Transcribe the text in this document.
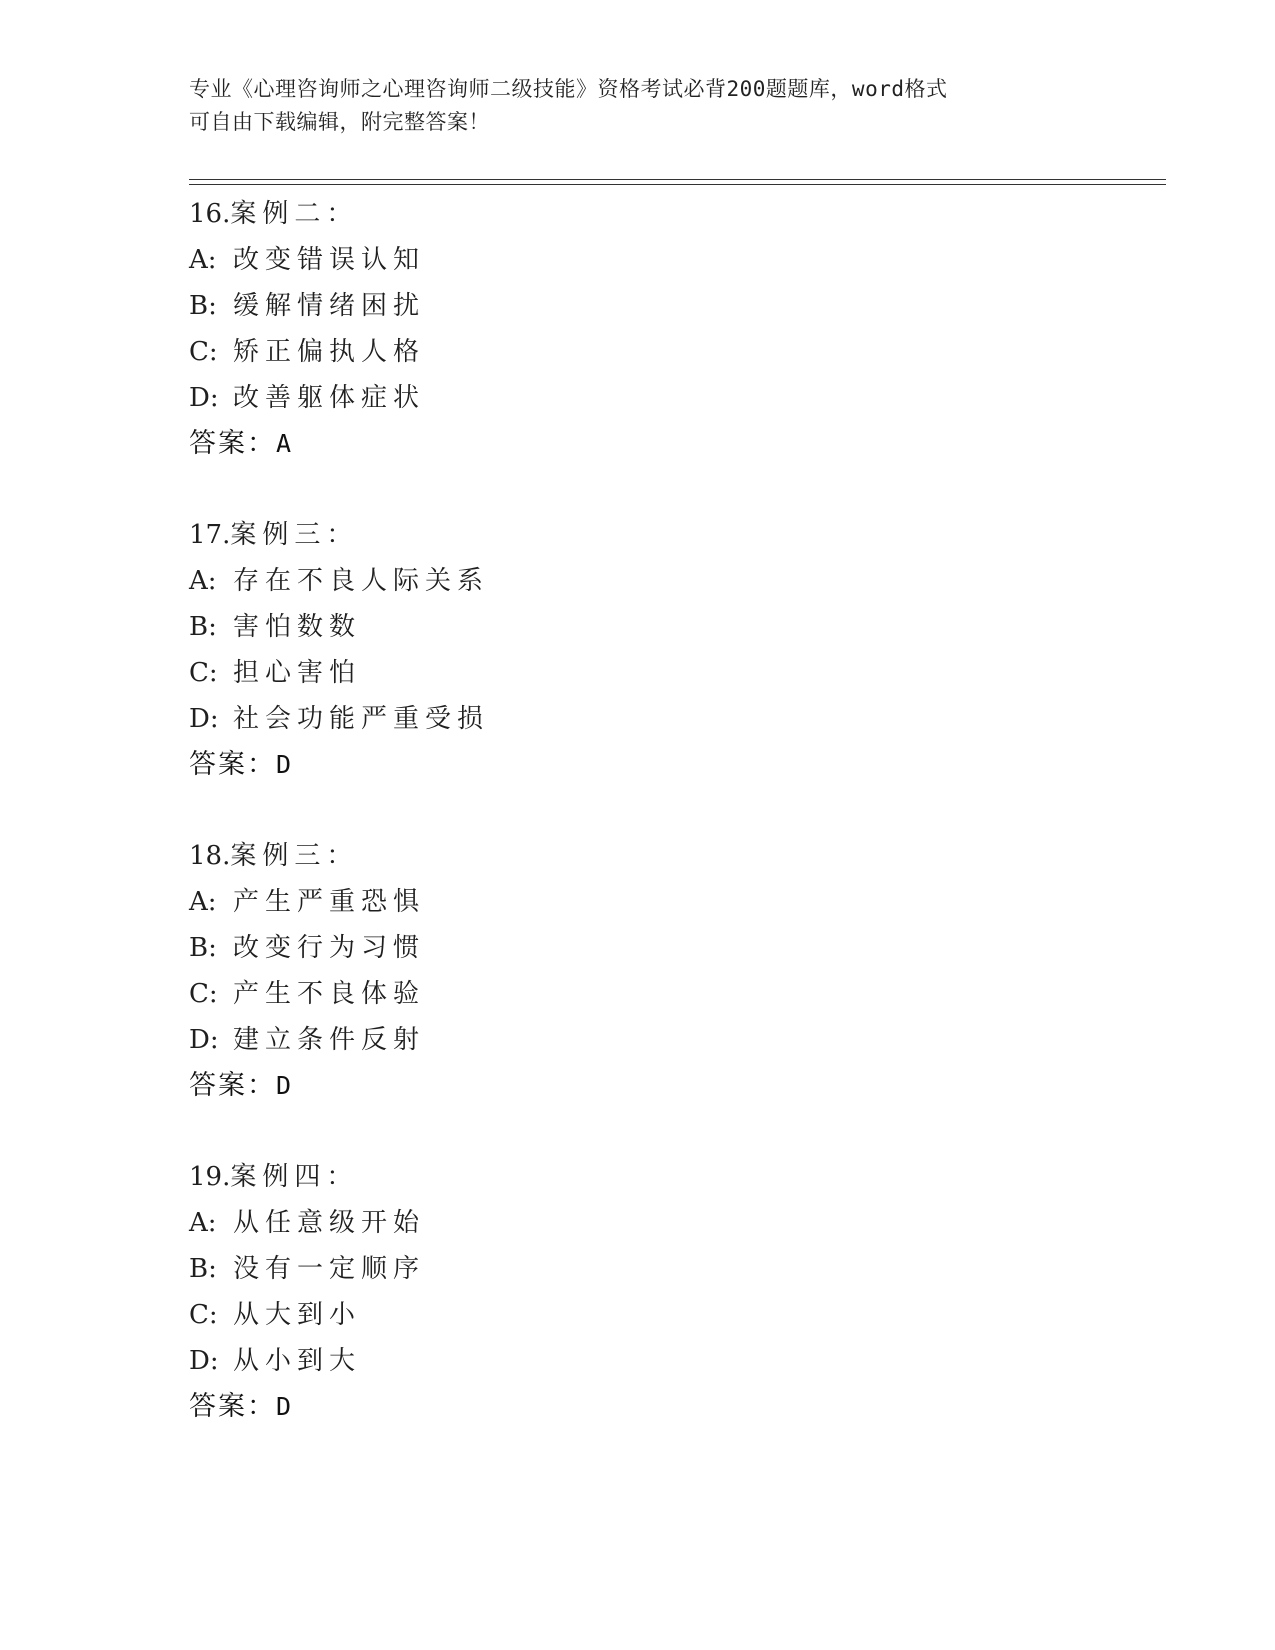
专业《心理咨询师之心理咨询师二级技能》资格考试必背200题题库，word格式
可自由下载编辑，附完整答案！
16.案例二：
A: 改变错误认知
B: 缓解情绪困扰
C: 矫正偏执人格
D: 改善躯体症状
答案：A
17.案例三：
A: 存在不良人际关系
B: 害怕数数
C: 担心害怕
D: 社会功能严重受损
答案：D
18.案例三：
A: 产生严重恐惧
B: 改变行为习惯
C: 产生不良体验
D: 建立条件反射
答案：D
19.案例四：
A: 从任意级开始
B: 没有一定顺序
C: 从大到小
D: 从小到大
答案：D
